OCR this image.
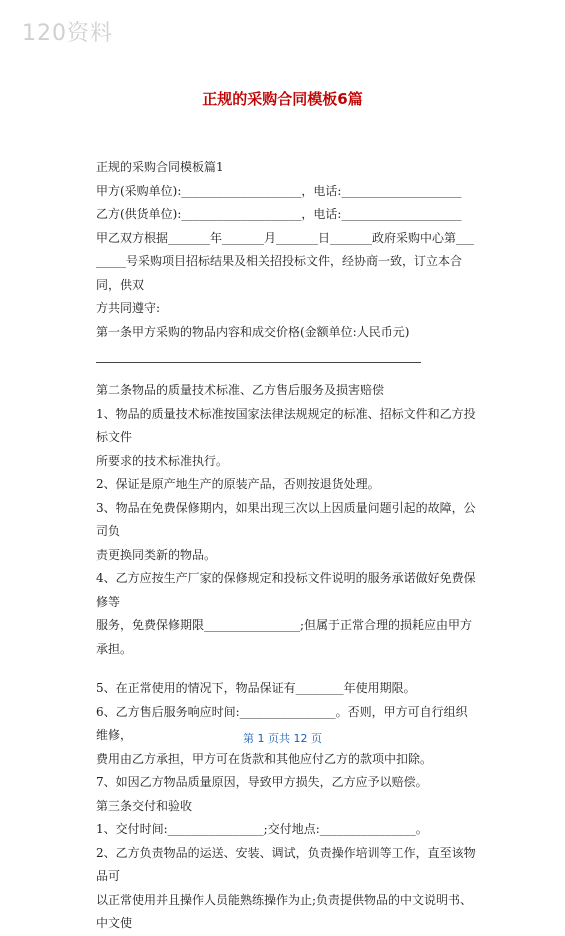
120资料
正规的采购合同模板6篇
正规的采购合同模板篇1
甲方(采购单位):____________________，电话:____________________
乙方(供货单位):____________________，电话:____________________
甲乙双方根据_______年_______月_______日_______政府采购中心第___
_____号采购项目招标结果及相关招投标文件，经协商一致，订立本合同，供双
方共同遵守:
第一条甲方采购的物品内容和成交价格(金额单位:人民币元)
第二条物品的质量技术标准、乙方售后服务及损害赔偿
1、物品的质量技术标准按国家法律法规规定的标准、招标文件和乙方投标文件
所要求的技术标准执行。
2、保证是原产地生产的原装产品，否则按退货处理。
3、物品在免费保修期内，如果出现三次以上因质量问题引起的故障，公司负
责更换同类新的物品。
4、乙方应按生产厂家的保修规定和投标文件说明的服务承诺做好免费保修等
服务，免费保修期限________________;但属于正常合理的损耗应由甲方承担。
5、在正常使用的情况下，物品保证有________年使用期限。
6、乙方售后服务响应时间:________________。否则，甲方可自行组织维修，
费用由乙方承担，甲方可在货款和其他应付乙方的款项中扣除。
7、如因乙方物品质量原因，导致甲方损失，乙方应予以赔偿。
第三条交付和验收
1、交付时间:________________;交付地点:________________。
2、乙方负责物品的运送、安装、调试，负责操作培训等工作，直至该物品可
以正常使用并且操作人员能熟练操作为止;负责提供物品的中文说明书、中文使
第 1 页共 12 页
